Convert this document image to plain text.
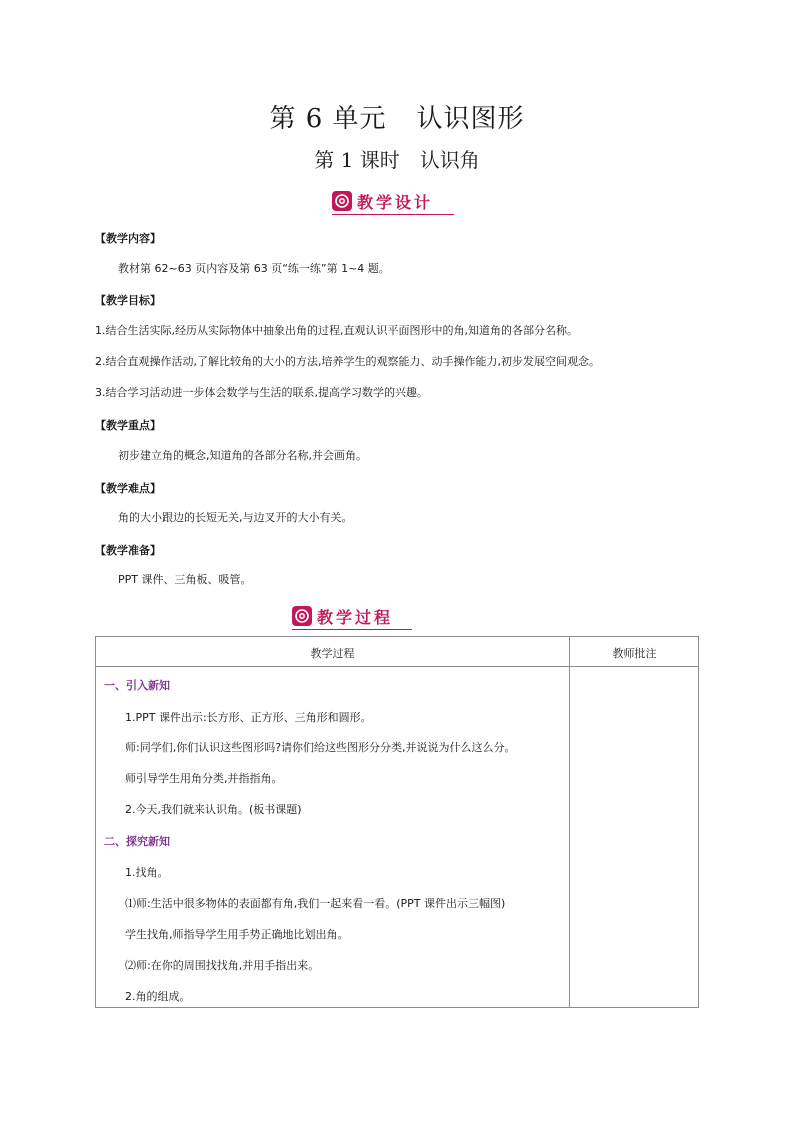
第 6 单元 认识图形
第 1 课时 认识角
教学设计
【教学内容】
教材第 62~63 页内容及第 63 页“练一练”第 1~4 题。
【教学目标】
1.结合生活实际,经历从实际物体中抽象出角的过程,直观认识平面图形中的角,知道角的各部分名称。
2.结合直观操作活动,了解比较角的大小的方法,培养学生的观察能力、动手操作能力,初步发展空间观念。
3.结合学习活动进一步体会数学与生活的联系,提高学习数学的兴趣。
【教学重点】
初步建立角的概念,知道角的各部分名称,并会画角。
【教学难点】
角的大小跟边的长短无关,与边叉开的大小有关。
【教学准备】
PPT 课件、三角板、吸管。
教学过程
教学过程	教师批注
一、引入新知
1.PPT 课件出示:长方形、正方形、三角形和圆形。
师:同学们,你们认识这些图形吗?请你们给这些图形分分类,并说说为什么这么分。
师引导学生用角分类,并指指角。
2.今天,我们就来认识角。(板书课题)
二、探究新知
1.找角。
⑴师:生活中很多物体的表面都有角,我们一起来看一看。(PPT 课件出示三幅图)
学生找角,师指导学生用手势正确地比划出角。
⑵师:在你的周围找找角,并用手指出来。
2.角的组成。
